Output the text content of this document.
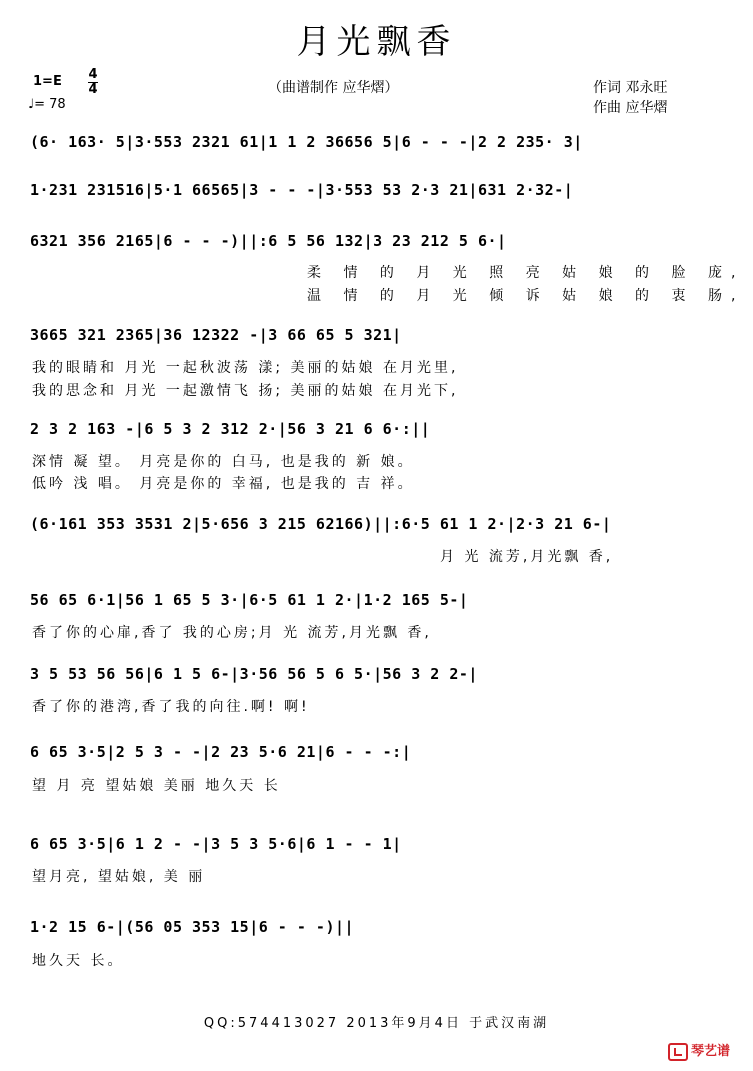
月光飘香
1=E 4
4
♩= 78
（曲谱制作 应华熠）	作词 邓永旺
作曲 应华熠
(6· 163· 5|3·553 2321 61|1 1 2 36656 5|6 - - -|2 2 235· 3|
1·231 231516|5·1 66565|3 - - -|3·553 53 2·3 21|631 2·32-|
6321 356 2165|6 - - -)||:6 5 56 132|3 23 212 5 6·|
柔 情 的 月 光 照 亮 姑 娘 的 脸 庞,
温 情 的 月 光 倾 诉 姑 娘 的 衷 肠,
3665 321 2365|36 12322 -|3 66 65 5 321|
我的眼睛和 月光 一起秋波荡 漾; 美丽的姑娘 在月光里,
我的思念和 月光 一起激情飞 扬; 美丽的姑娘 在月光下,
2 3 2 163 -|6 5 3 2 312 2·|56 3 21 6 6·:||
深情 凝 望。 月亮是你的 白马, 也是我的 新 娘。
低吟 浅 唱。 月亮是你的 幸福, 也是我的 吉 祥。
(6·161 353 3531 2|5·656 3 215 62166)||:6·5 61 1 2·|2·3 21 6-|
月 光 流芳,月光飘 香,
56 65 6·1|56 1 65 5 3·|6·5 61 1 2·|1·2 165 5-|
香了你的心扉,香了 我的心房;月 光 流芳,月光飘 香,
3 5 53 56 56|6 1 5 6-|3·56 56 5 6 5·|56 3 2 2-|
香了你的港湾,香了我的向往.啊! 啊!
6 65 3·5|2 5 3 - -|2 23 5·6 21|6 - - -:|
望 月 亮 望姑娘 美丽 地久天 长
6 65 3·5|6 1 2 - -|3 5 3 5·6|6 1 - - 1|
望月亮, 望姑娘, 美 丽
1·2 15 6-|(56 05 353 15|6 - - -)||
地久天 长。
QQ:574413027 2013年9月4日 于武汉南湖
琴艺谱
